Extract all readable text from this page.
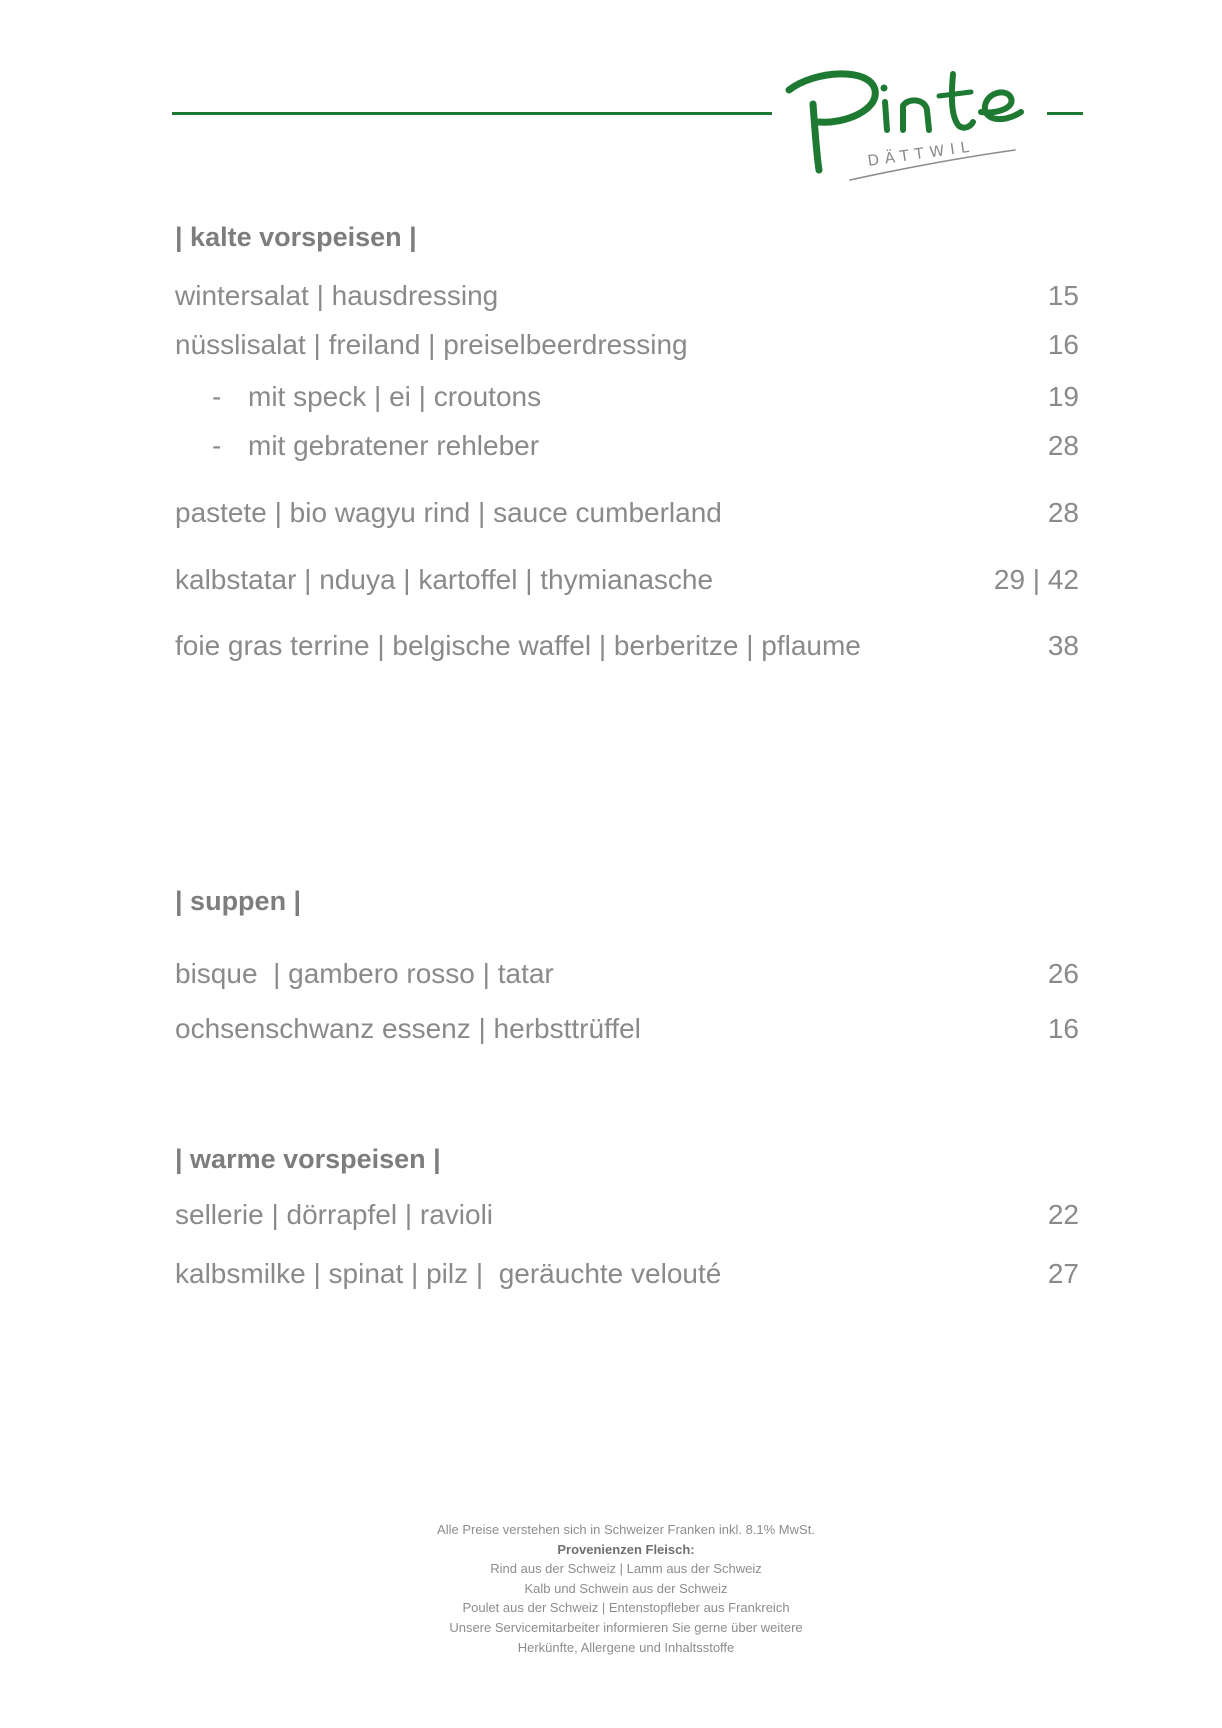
DÄTTWIL
| kalte vorspeisen |
wintersalat | hausdressing	15
nüsslisalat | freiland | preiselbeerdressing	16
- mit speck | ei | croutons	19
- mit gebratener rehleber	28
pastete | bio wagyu rind | sauce cumberland	28
kalbstatar | nduya | kartoffel | thymianasche	29 | 42
foie gras terrine | belgische waffel | berberitze | pflaume	38
| suppen |
bisque  | gambero rosso | tatar	26
ochsenschwanz essenz | herbsttrüffel	16
| warme vorspeisen |
sellerie | dörrapfel | ravioli	22
kalbsmilke | spinat | pilz |  geräuchte velouté	27
Alle Preise verstehen sich in Schweizer Franken inkl. 8.1% MwSt.
Provenienzen Fleisch:
Rind aus der Schweiz | Lamm aus der Schweiz
Kalb und Schwein aus der Schweiz
Poulet aus der Schweiz | Entenstopfleber aus Frankreich
Unsere Servicemitarbeiter informieren Sie gerne über weitere
Herkünfte, Allergene und Inhaltsstoffe
